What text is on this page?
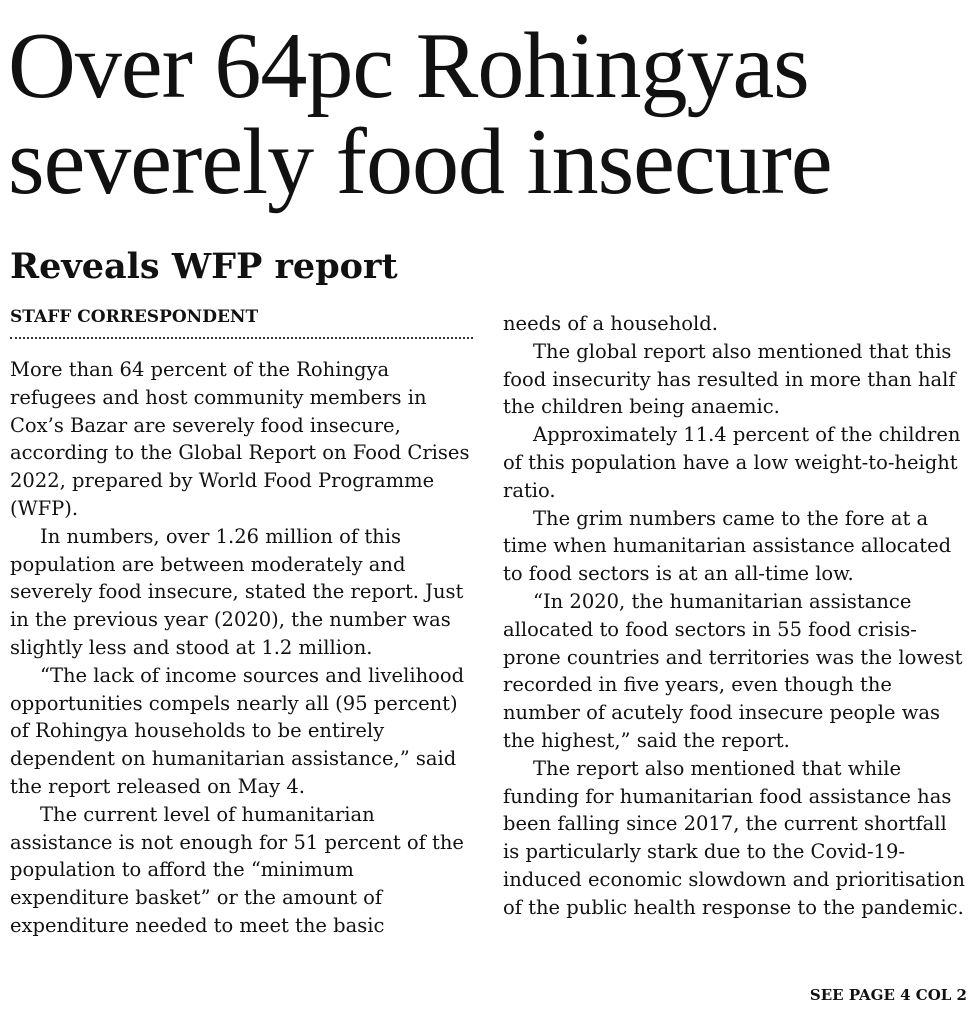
Over 64pc Rohingyas
severely food insecure
Reveals WFP report
STAFF CORRESPONDENT

More than 64 percent of the Rohingya refugees and host community members in Cox’s Bazar are severely food insecure, according to the Global Report on Food Crises 2022, prepared by World Food Programme (WFP).

In numbers, over 1.26 million of this population are between moderately and severely food insecure, stated the report. Just in the previous year (2020), the number was slightly less and stood at 1.2 million.

“The lack of income sources and livelihood opportunities compels nearly all (95 percent) of Rohingya households to be entirely dependent on humanitarian assistance,” said the report released on May 4.

The current level of humanitarian assistance is not enough for 51 percent of the population to afford the “minimum expenditure basket” or the amount of expenditure needed to meet the basic

needs of a household.

The global report also mentioned that this food insecurity has resulted in more than half the children being anaemic.

Approximately 11.4 percent of the children of this population have a low weight-to-height ratio.

The grim numbers came to the fore at a time when humanitarian assistance allocated to food sectors is at an all-time low.

“In 2020, the humanitarian assistance allocated to food sectors in 55 food crisis-prone countries and territories was the lowest recorded in five years, even though the number of acutely food insecure people was the highest,” said the report.

The report also mentioned that while funding for humanitarian food assistance has been falling since 2017, the current shortfall is particularly stark due to the Covid-19-induced economic slowdown and prioritisation of the public health response to the pandemic.

SEE PAGE 4 COL 2
